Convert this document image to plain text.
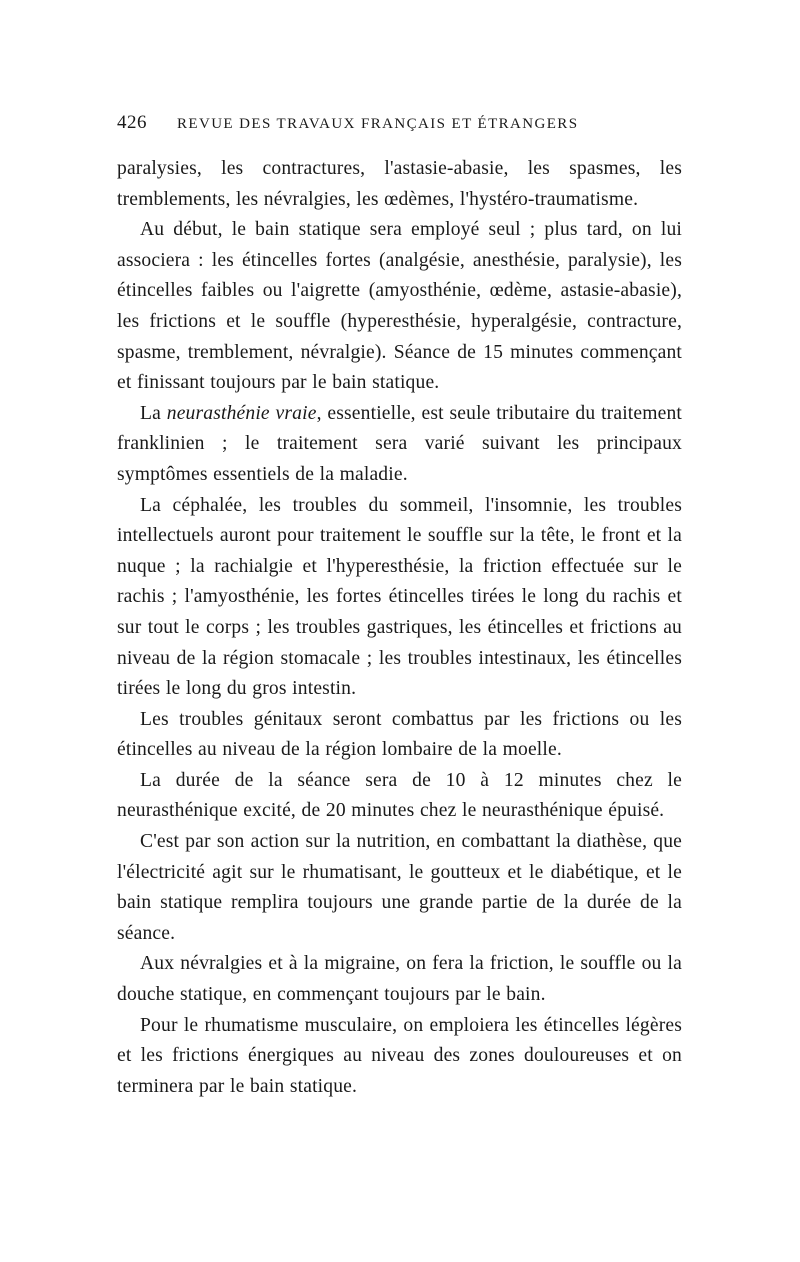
426	REVUE DES TRAVAUX FRANÇAIS ET ÉTRANGERS

paralysies, les contractures, l'astasie-abasie, les spasmes, les tremblements, les névralgies, les œdèmes, l'hystéro-traumatisme.

Au début, le bain statique sera employé seul ; plus tard, on lui associera : les étincelles fortes (analgésie, anesthésie, paralysie), les étincelles faibles ou l'aigrette (amyosthénie, œdème, astasie-abasie), les frictions et le souffle (hyperesthésie, hyperalgésie, contracture, spasme, tremblement, névralgie). Séance de 15 minutes commençant et finissant toujours par le bain statique.

La neurasthénie vraie, essentielle, est seule tributaire du traitement franklinien ; le traitement sera varié suivant les principaux symptômes essentiels de la maladie.

La céphalée, les troubles du sommeil, l'insomnie, les troubles intellectuels auront pour traitement le souffle sur la tête, le front et la nuque ; la rachialgie et l'hyperesthésie, la friction effectuée sur le rachis ; l'amyosthénie, les fortes étincelles tirées le long du rachis et sur tout le corps ; les troubles gastriques, les étincelles et frictions au niveau de la région stomacale ; les troubles intestinaux, les étincelles tirées le long du gros intestin.

Les troubles génitaux seront combattus par les frictions ou les étincelles au niveau de la région lombaire de la moelle.

La durée de la séance sera de 10 à 12 minutes chez le neurasthénique excité, de 20 minutes chez le neurasthénique épuisé.

C'est par son action sur la nutrition, en combattant la diathèse, que l'électricité agit sur le rhumatisant, le goutteux et le diabétique, et le bain statique remplira toujours une grande partie de la durée de la séance.

Aux névralgies et à la migraine, on fera la friction, le souffle ou la douche statique, en commençant toujours par le bain.

Pour le rhumatisme musculaire, on emploiera les étincelles légères et les frictions énergiques au niveau des zones douloureuses et on terminera par le bain statique.
